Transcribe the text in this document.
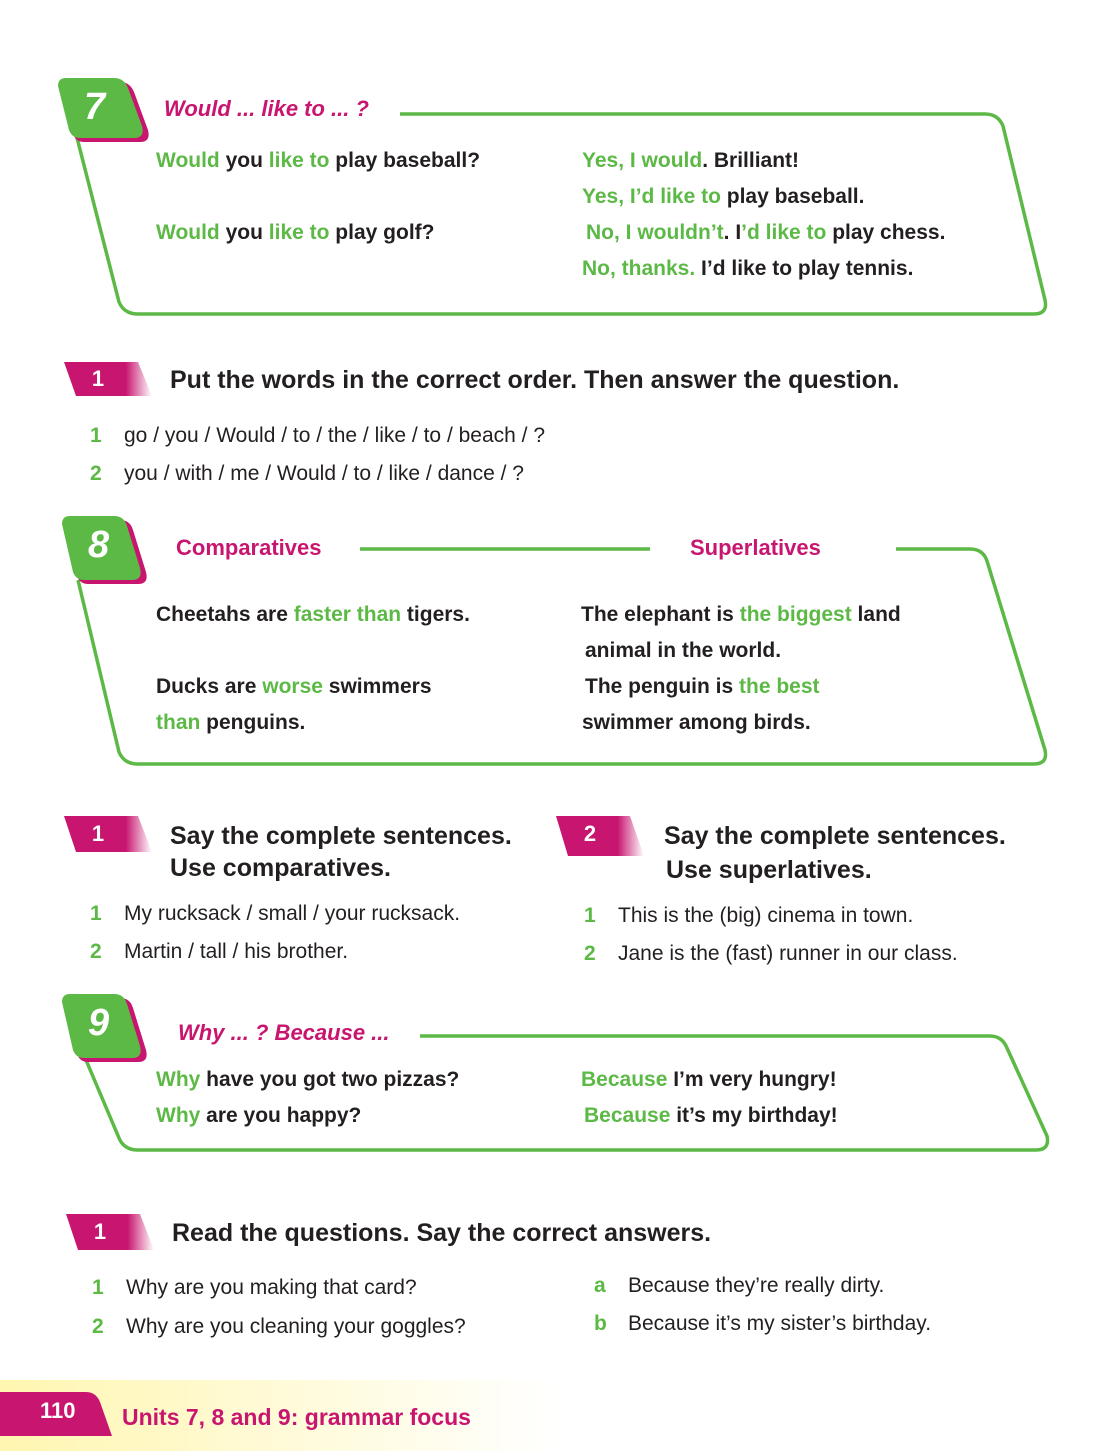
7	Would ... like to ... ?
Would you like to play baseball?	Yes, I would. Brilliant!
Yes, I’d like to play baseball.
Would you like to play golf?	No, I wouldn’t. I’d like to play chess.
No, thanks. I’d like to play tennis.
1	Put the words in the correct order. Then answer the question.
1 go / you / Would / to / the / like / to / beach / ?
2 you / with / me / Would / to / like / dance / ?
8	Comparatives	Superlatives
Cheetahs are faster than tigers.	The elephant is the biggest land
animal in the world.
Ducks are worse swimmers	The penguin is the best
than penguins.	swimmer among birds.
1	Say the complete sentences.
Use comparatives.
1 My rucksack / small / your rucksack.
2 Martin / tall / his brother.
2	Say the complete sentences.
Use superlatives.
1 This is the (big) cinema in town.
2 Jane is the (fast) runner in our class.
9	Why ... ? Because ...
Why have you got two pizzas?	Because I’m very hungry!
Why are you happy?	Because it’s my birthday!
1	Read the questions. Say the correct answers.
1 Why are you making that card?
2 Why are you cleaning your goggles?
a Because they’re really dirty.
b Because it’s my sister’s birthday.
110 Units 7, 8 and 9: grammar focus
